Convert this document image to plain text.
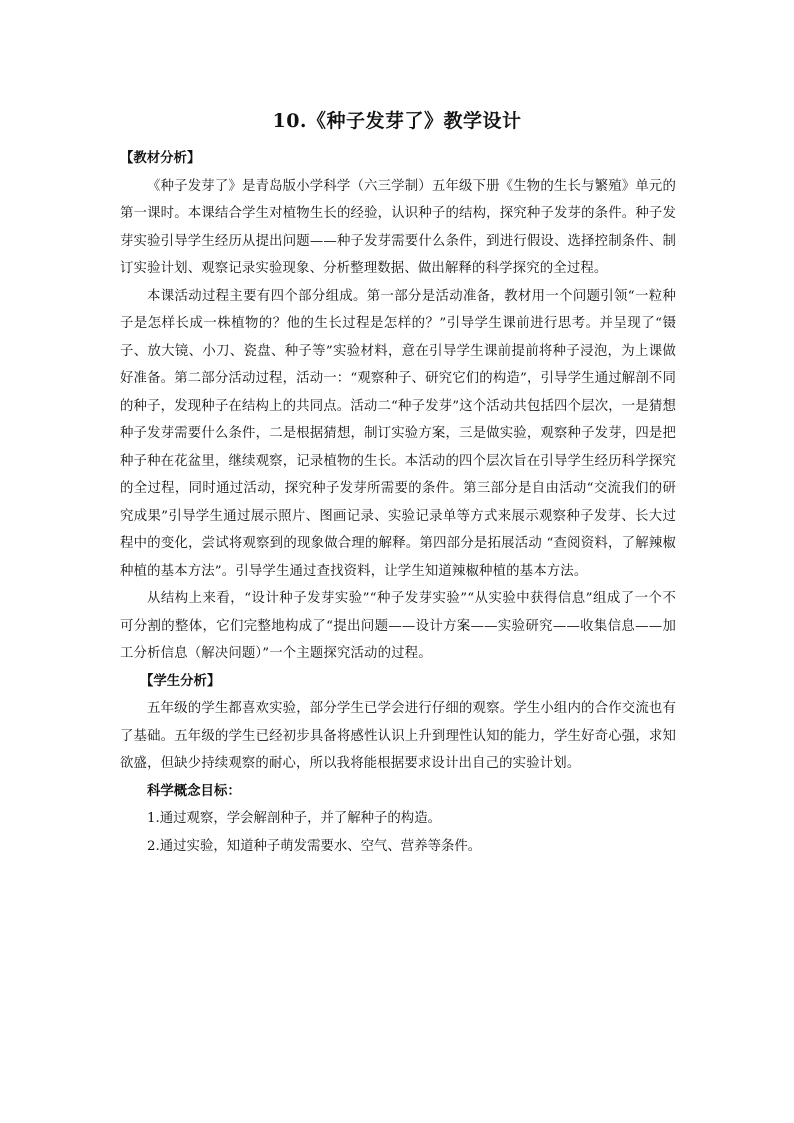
10.《种子发芽了》教学设计

【教材分析】

《种子发芽了》是青岛版小学科学（六三学制）五年级下册《生物的生长与繁殖》单元的第一课时。本课结合学生对植物生长的经验，认识种子的结构，探究种子发芽的条件。种子发芽实验引导学生经历从提出问题——种子发芽需要什么条件，到进行假设、选择控制条件、制订实验计划、观察记录实验现象、分析整理数据、做出解释的科学探究的全过程。

本课活动过程主要有四个部分组成。第一部分是活动准备，教材用一个问题引领“一粒种子是怎样长成一株植物的？他的生长过程是怎样的？”引导学生课前进行思考。并呈现了“镊子、放大镜、小刀、瓷盘、种子等”实验材料，意在引导学生课前提前将种子浸泡，为上课做好准备。第二部分活动过程，活动一：“观察种子、研究它们的构造”，引导学生通过解剖不同的种子，发现种子在结构上的共同点。活动二“种子发芽”这个活动共包括四个层次，一是猜想种子发芽需要什么条件，二是根据猜想，制订实验方案，三是做实验，观察种子发芽，四是把种子种在花盆里，继续观察，记录植物的生长。本活动的四个层次旨在引导学生经历科学探究的全过程，同时通过活动，探究种子发芽所需要的条件。第三部分是自由活动“交流我们的研究成果”引导学生通过展示照片、图画记录、实验记录单等方式来展示观察种子发芽、长大过程中的变化，尝试将观察到的现象做合理的解释。第四部分是拓展活动 “查阅资料，了解辣椒种植的基本方法”。引导学生通过查找资料，让学生知道辣椒种植的基本方法。

从结构上来看，“设计种子发芽实验”“种子发芽实验”“从实验中获得信息”组成了一个不可分割的整体，它们完整地构成了“提出问题——设计方案——实验研究——收集信息——加工分析信息（解决问题）”一个主题探究活动的过程。

【学生分析】

五年级的学生都喜欢实验，部分学生已学会进行仔细的观察。学生小组内的合作交流也有了基础。五年级的学生已经初步具备将感性认识上升到理性认知的能力，学生好奇心强，求知欲盛，但缺少持续观察的耐心，所以我将能根据要求设计出自己的实验计划。

科学概念目标：

1.通过观察，学会解剖种子，并了解种子的构造。

2.通过实验，知道种子萌发需要水、空气、营养等条件。
